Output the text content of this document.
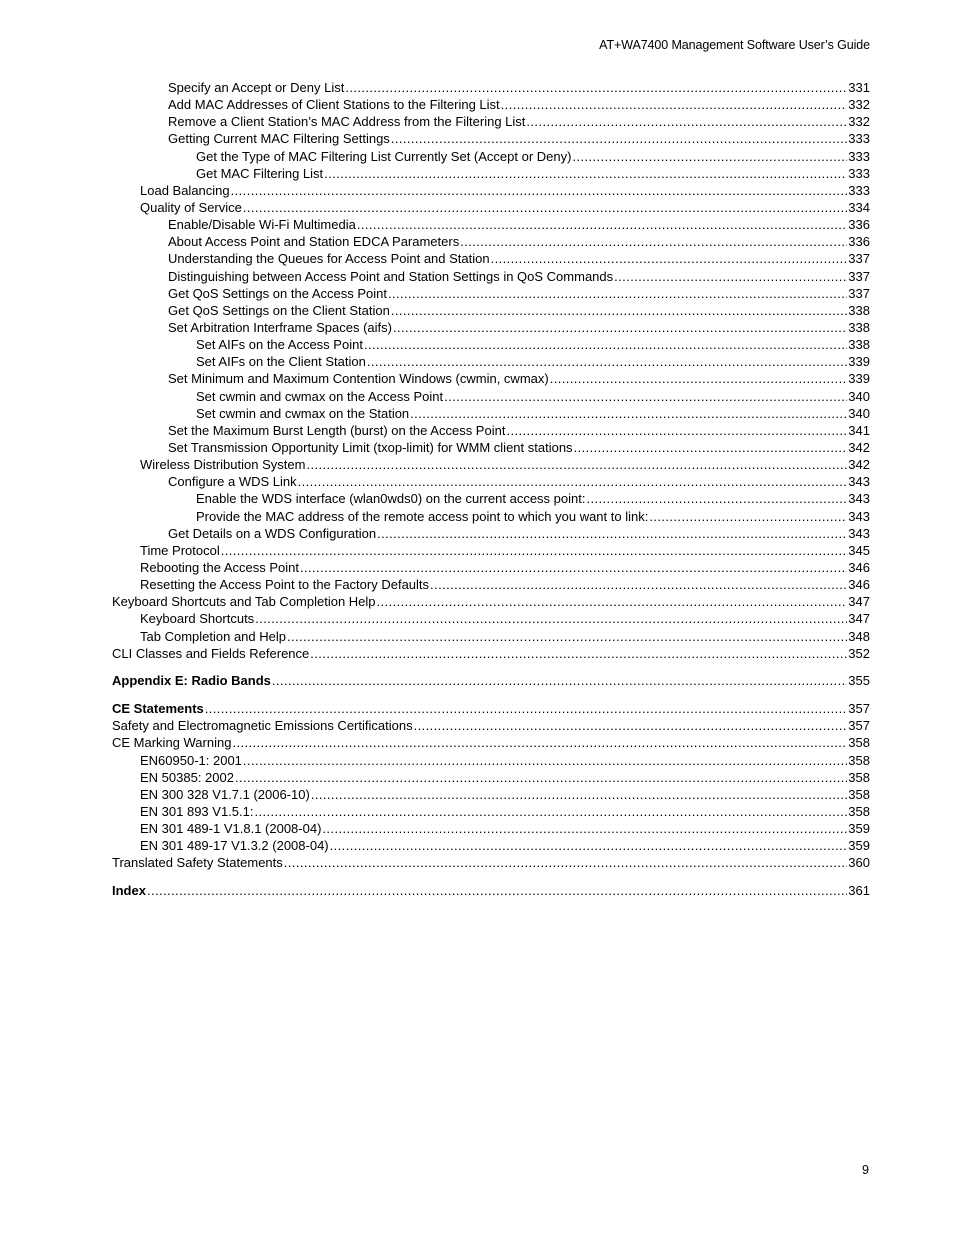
AT+WA7400 Management Software User’s Guide
Specify an Accept or Deny List .....	331
Add MAC Addresses of Client Stations to the Filtering List .....	332
Remove a Client Station’s MAC Address from the Filtering List .....	332
Getting Current MAC Filtering Settings .....	333
Get the Type of MAC Filtering List Currently Set (Accept or Deny) .....	333
Get MAC Filtering List .....	333
Load Balancing .....	333
Quality of Service .....	334
Enable/Disable Wi-Fi Multimedia .....	336
About Access Point and Station EDCA Parameters .....	336
Understanding the Queues for Access Point and Station .....	337
Distinguishing between Access Point and Station Settings in QoS Commands .....	337
Get QoS Settings on the Access Point .....	337
Get QoS Settings on the Client Station .....	338
Set Arbitration Interframe Spaces (aifs) .....	338
Set AIFs on the Access Point .....	338
Set AIFs on the Client Station .....	339
Set Minimum and Maximum Contention Windows (cwmin, cwmax) .....	339
Set cwmin and cwmax on the Access Point .....	340
Set cwmin and cwmax on the Station .....	340
Set the Maximum Burst Length (burst) on the Access Point .....	341
Set Transmission Opportunity Limit (txop-limit) for WMM client stations .....	342
Wireless Distribution System .....	342
Configure a WDS Link .....	343
Enable the WDS interface (wlan0wds0) on the current access point: .....	343
Provide the MAC address of the remote access point to which you want to link: .....	343
Get Details on a WDS Configuration .....	343
Time Protocol .....	345
Rebooting the Access Point .....	346
Resetting the Access Point to the Factory Defaults .....	346
Keyboard Shortcuts and Tab Completion Help .....	347
Keyboard Shortcuts .....	347
Tab Completion and Help .....	348
CLI Classes and Fields Reference .....	352
Appendix E: Radio Bands .....	355
CE Statements .....	357
Safety and Electromagnetic Emissions Certifications .....	357
CE Marking Warning .....	358
EN60950-1: 2001 .....	358
EN 50385: 2002 .....	358
EN 300 328 V1.7.1 (2006-10) .....	358
EN 301 893 V1.5.1: .....	358
EN 301 489-1 V1.8.1 (2008-04) .....	359
EN 301 489-17 V1.3.2 (2008-04) .....	359
Translated Safety Statements .....	360
Index .....	361
9
